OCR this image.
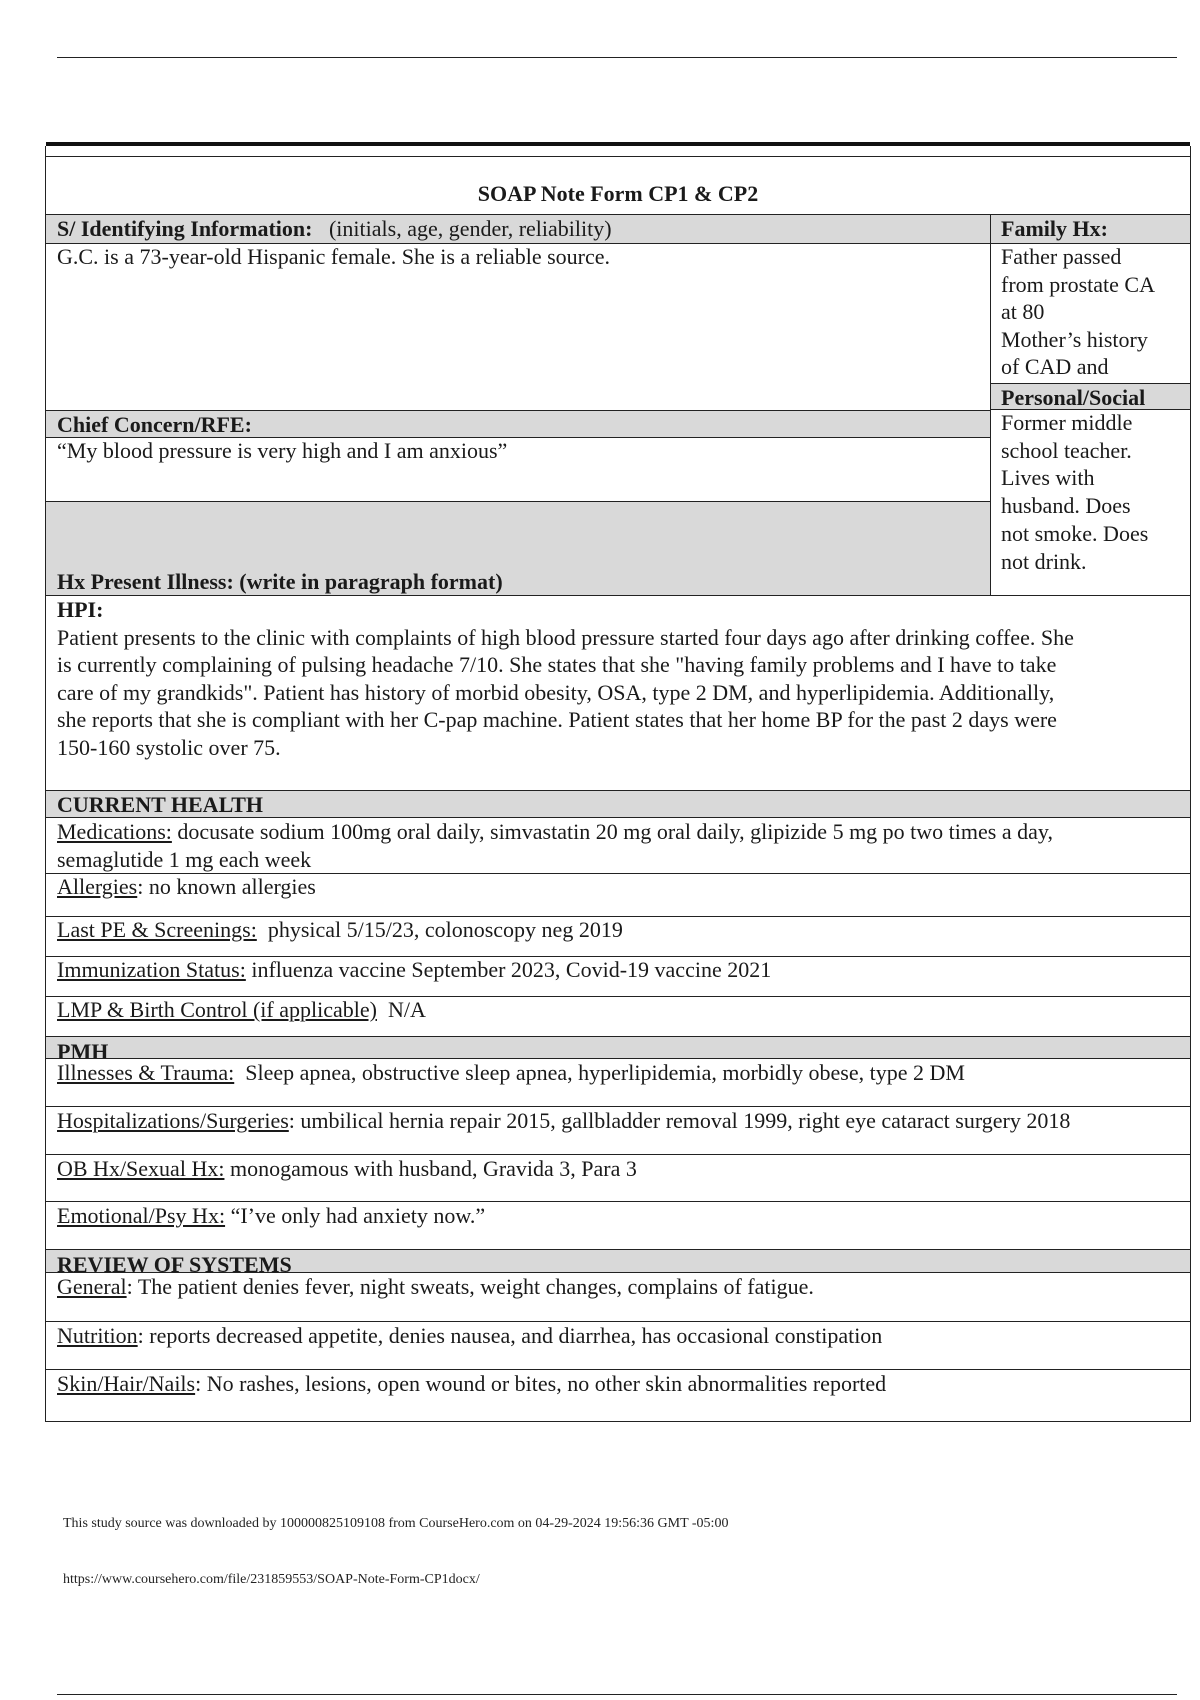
SOAP Note Form CP1 & CP2
S/ Identifying Information: (initials, age, gender, reliability)	Family Hx:
G.C. is a 73-year-old Hispanic female. She is a reliable source.	Father passed
from prostate CA
at 80
Mother’s history
of CAD and
Personal/Social
Former middle
school teacher.
Lives with
husband. Does
not smoke. Does
not drink.
Chief Concern/RFE:
“My blood pressure is very high and I am anxious”
Hx Present Illness: (write in paragraph format)
HPI:
Patient presents to the clinic with complaints of high blood pressure started four days ago after drinking coffee. She
is currently complaining of pulsing headache 7/10. She states that she "having family problems and I have to take
care of my grandkids". Patient has history of morbid obesity, OSA, type 2 DM, and hyperlipidemia. Additionally,
she reports that she is compliant with her C-pap machine. Patient states that her home BP for the past 2 days were
150-160 systolic over 75.
CURRENT HEALTH
Medications: docusate sodium 100mg oral daily, simvastatin 20 mg oral daily, glipizide 5 mg po two times a day,
semaglutide 1 mg each week
Allergies: no known allergies
Last PE & Screenings:  physical 5/15/23, colonoscopy neg 2019
Immunization Status: influenza vaccine September 2023, Covid-19 vaccine 2021
LMP & Birth Control (if applicable)  N/A
PMH
Illnesses & Trauma:  Sleep apnea, obstructive sleep apnea, hyperlipidemia, morbidly obese, type 2 DM
Hospitalizations/Surgeries: umbilical hernia repair 2015, gallbladder removal 1999, right eye cataract surgery 2018
OB Hx/Sexual Hx: monogamous with husband, Gravida 3, Para 3
Emotional/Psy Hx: “I’ve only had anxiety now.”
REVIEW OF SYSTEMS
General: The patient denies fever, night sweats, weight changes, complains of fatigue.
Nutrition: reports decreased appetite, denies nausea, and diarrhea, has occasional constipation
Skin/Hair/Nails: No rashes, lesions, open wound or bites, no other skin abnormalities reported
This study source was downloaded by 100000825109108 from CourseHero.com on 04-29-2024 19:56:36 GMT -05:00
https://www.coursehero.com/file/231859553/SOAP-Note-Form-CP1docx/
